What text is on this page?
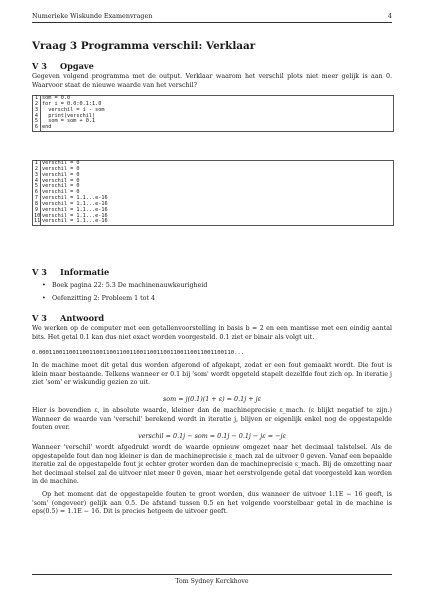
Numerieke Wiskunde Examenvragen	4
Vraag 3 Programma verschil: Verklaar
V 3 Opgave

Gegeven volgend programma met de output. Verklaar waarom het verschil plots niet meer gelijk is aan 0. Waarvoor staat de nieuwe waarde van het verschil?

1 som = 0.0
2 for i = 0.0:0.1:1.0
3 verschil = i - som
4 print(verschil)
5 som = som + 0.1
6 end
1 verschil = 0
2 verschil = 0
3 verschil = 0
4 verschil = 0
5 verschil = 0
6 verschil = 0
7 verschil = 1.1...e-16
8 verschil = 1.1...e-16
9 verschil = 1.1...e-16
10 verschil = 1.1...e-16
11 verschil = 1.1...e-16
V 3 Informatie
• Boek pagina 22: 5.3 De machinenauwkeurigheid
• Oefenzitting 2: Probleem 1 tot 4
V 3 Antwoord

We werken op de computer met een getallenvoorstelling in basis b = 2 en een mantisse met een eindig aantal bits. Het getal 0.1 kan dus niet exact worden voorgesteld. 0.1 ziet er binair als volgt uit.

0.0001100110011001100110011001100110011001100110011001100110...

In de machine moet dit getal dus worden afgerond of afgekapt, zodat er een fout gemaakt wordt. Die fout is klein maar bestaande. Telkens wanneer er 0.1 bij 'som' wordt opgeteld stapelt dezelfde fout zich op. In iteratie j ziet 'som' er wiskundig gezien zo uit.

som = j(0.1)(1 + ε) = 0.1j + jε

Hier is bovendien ε, in absolute waarde, kleiner dan de machineprecisie ε_mach. (ε blijkt negatief te zijn.) Wanneer de waarde van 'verschil' berekend wordt in iteratie j, blijven er eigenlijk enkel nog de opgestapelde fouten over.

verschil = 0.1j − som = 0.1j − 0.1j − jε = −jε

Wanneer 'verschil' wordt afgedrukt wordt de waarde opnieuw omgezet naar het decimaal talstelsel. Als de opgestapelde fout dan nog kleiner is dan de machineprecisie ε_mach zal de uitvoer 0 geven. Vanaf een bepaalde iteratie zal de opgestapelde fout jε echter groter worden dan de machineprecisie ε_mach. Bij de omzetting naar het decimaal stelsel zal de uitvoer niet meer 0 geven, maar het eerstvolgende getal dat voorgesteld kan worden in de machine.

Op het moment dat de opgestapelde fouten te groot worden, dus wanneer de uitvoer 1.1E − 16 geeft, is 'som' (ongeveer) gelijk aan 0.5. De afstand tussen 0.5 en het volgende voorstelbaar getal in de machine is eps(0.5) = 1.1E − 16. Dit is precies hetgeen de uitvoer geeft.

Tom Sydney Kerckhove
